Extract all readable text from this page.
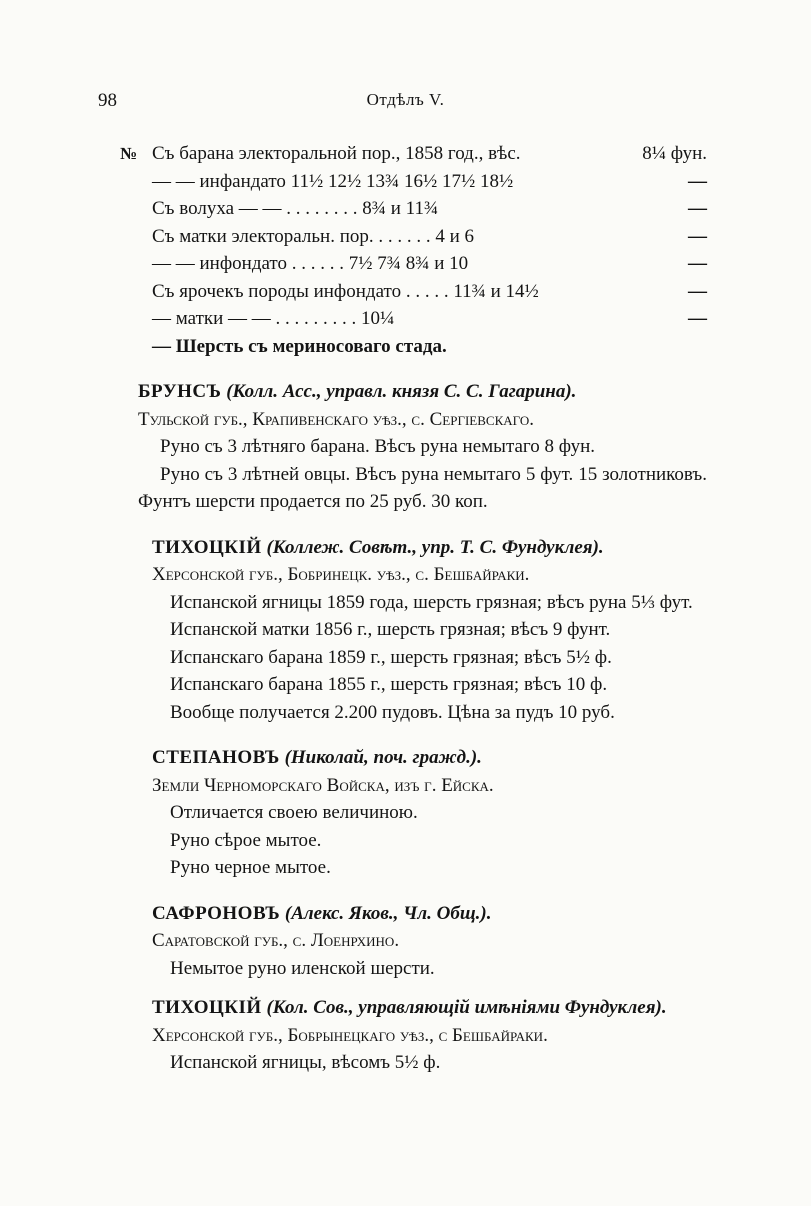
98	Отдѣлъ V.
№ Съ барана электоральной пор., 1858 год., вѣс.	8¼ фун.
— — инфандато 11½ 12½ 13¾ 16½ 17½ 18½	—
Съ волуха — — . . . . . . . . 8¾ и 11¾	—
Съ матки электоральн. пор. . . . . . . 4 и 6	—
— — инфондато . . . . . . 7½ 7¾ 8¾ и 10	—
Съ ярочекъ породы инфондато . . . . . 11¾ и 14½	—
— матки — — . . . . . . . . . 10¼	—
— Шерсть съ мериносоваго стада.
БРУНСЪ (Колл. Асс., управл. князя С. С. Гагарина).
Тульской губ., Крапивенскаго уѣз., с. Сергiевскаго.
Руно съ 3 лѣтняго барана. Вѣсъ руна немытаго 8 фун.
Руно съ 3 лѣтней овцы. Вѣсъ руна немытаго 5 фут. 15 золотниковъ. Фунтъ шерсти продается по 25 руб. 30 коп.
ТИХОЦКIЙ (Коллеж. Совѣт., упр. Т. С. Фундуклея).
Херсонской губ., Бобринецк. уѣз., с. Бешбайраки.
Испанской ягницы 1859 года, шерсть грязная; вѣсъ руна 5⅓ фут.
Испанской матки 1856 г., шерсть грязная; вѣсъ 9 фунт.
Испанскаго барана 1859 г., шерсть грязная; вѣсъ 5½ ф.
Испанскаго барана 1855 г., шерсть грязная; вѣсъ 10 ф.
Вообще получается 2.200 пудовъ. Цѣна за пудъ 10 руб.
СТЕПАНОВЪ (Николай, поч. гражд.).
Земли Черноморскаго Войска, изъ г. Ейска.
Отличается своею величиною.
Руно сѣрое мытое.
Руно черное мытое.
САФРОНОВЪ (Алекс. Яков., Чл. Общ.).
Саратовской губ., с. Лоенрхино.
Немытое руно иленской шерсти.
ТИХОЦКIЙ (Кол. Сов., управляющiй имѣнiями Фундуклея).
Херсонской губ., Бобрынецкаго уѣз., с Бешбайраки.
Испанской ягницы, вѣсомъ 5½ ф.
